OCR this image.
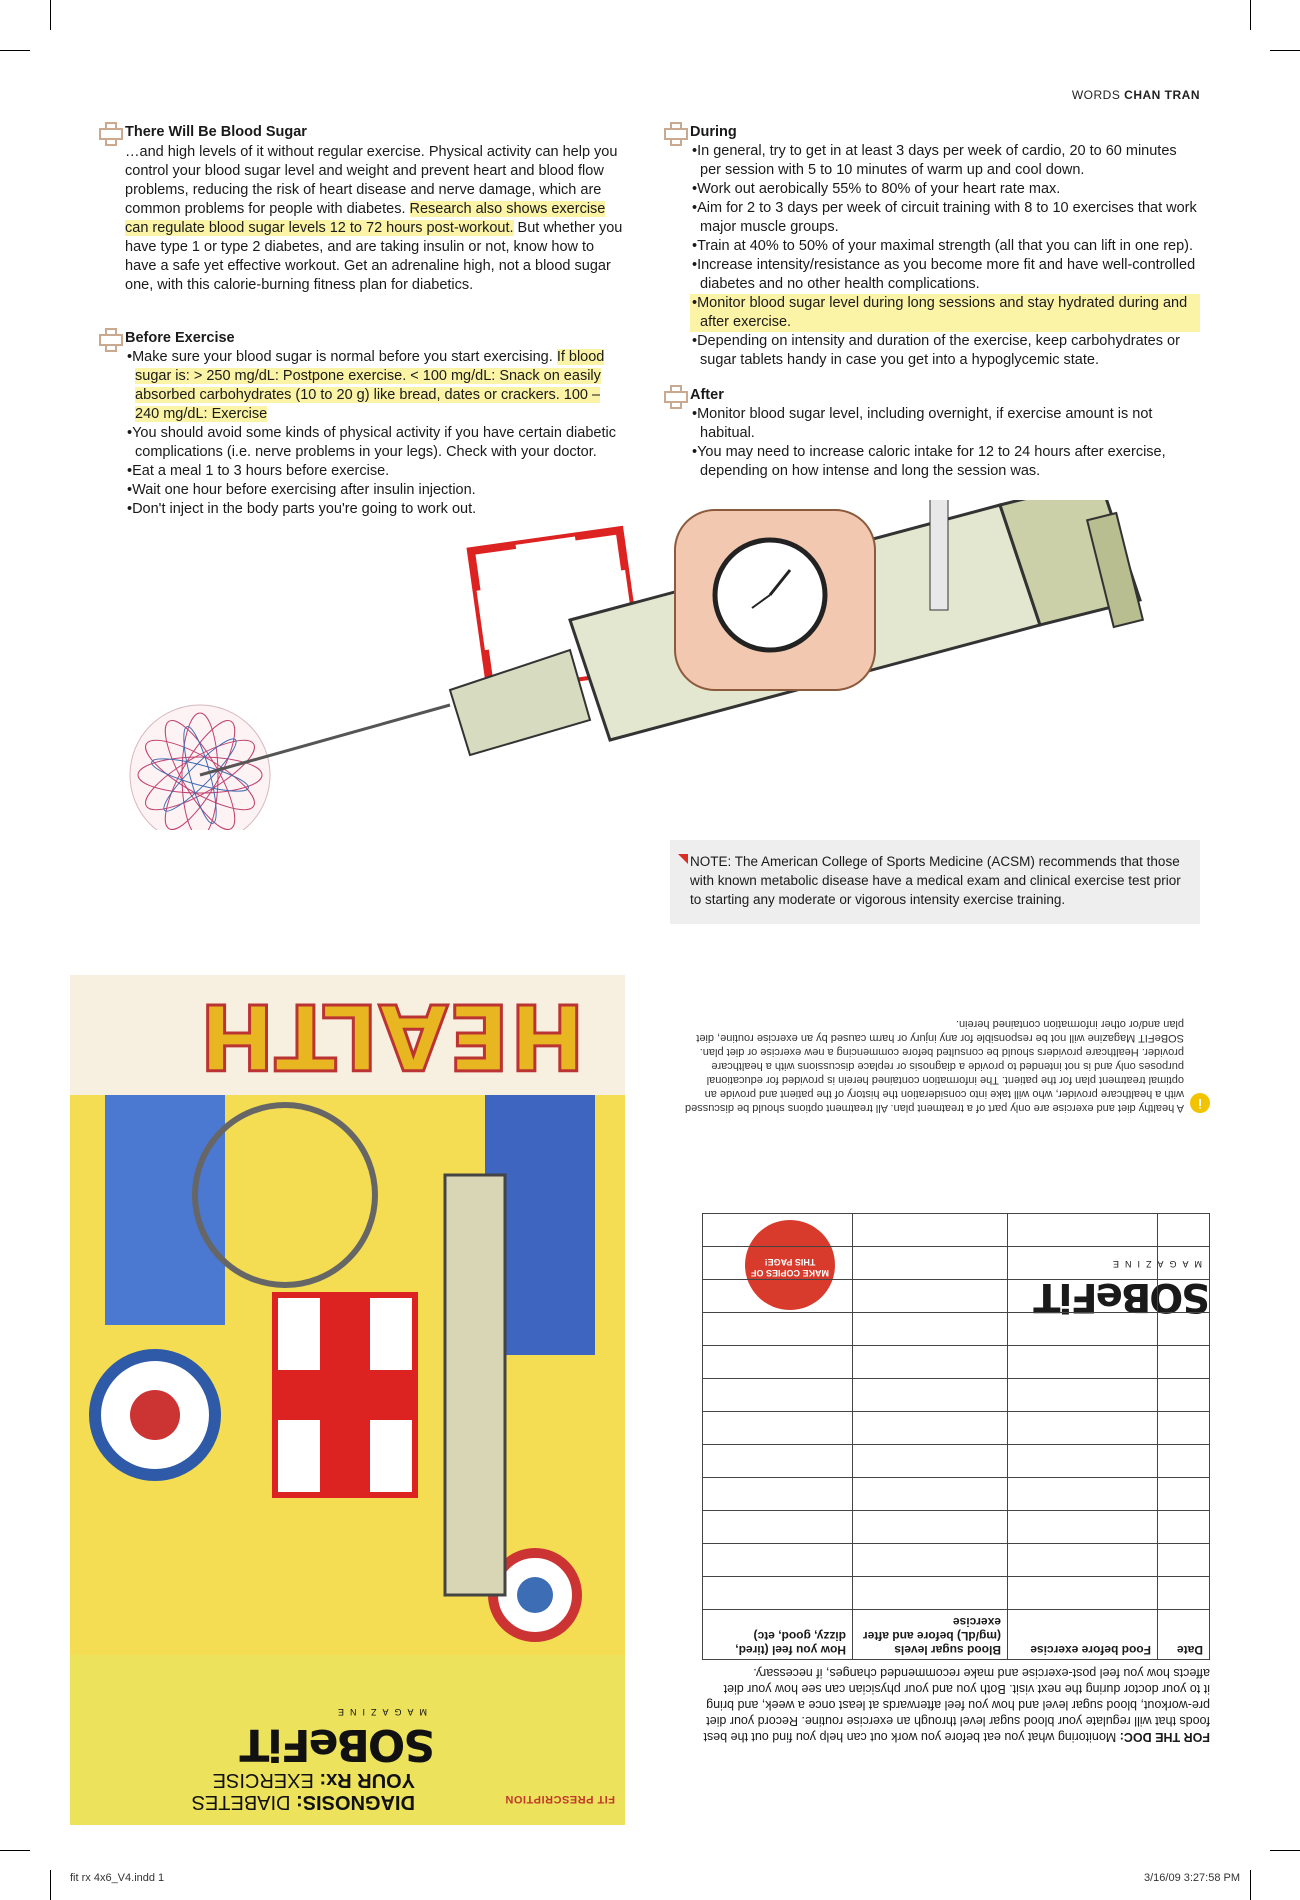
WORDS CHAN TRAN
There Will Be Blood Sugar
…and high levels of it without regular exercise. Physical activity can help you control your blood sugar level and weight and prevent heart and blood flow problems, reducing the risk of heart disease and nerve damage, which are common problems for people with diabetes. Research also shows exercise can regulate blood sugar levels 12 to 72 hours post-workout. But whether you have type 1 or type 2 diabetes, and are taking insulin or not, know how to have a safe yet effective workout. Get an adrenaline high, not a blood sugar one, with this calorie-burning fitness plan for diabetics.
Before Exercise
• Make sure your blood sugar is normal before you start exercising. If blood sugar is: > 250 mg/dL: Postpone exercise. < 100 mg/dL: Snack on easily absorbed carbohydrates (10 to 20 g) like bread, dates or crackers. 100 – 240 mg/dL: Exercise
• You should avoid some kinds of physical activity if you have certain diabetic complications (i.e. nerve problems in your legs). Check with your doctor.
• Eat a meal 1 to 3 hours before exercise.
• Wait one hour before exercising after insulin injection.
• Don't inject in the body parts you're going to work out.
During
• In general, try to get in at least 3 days per week of cardio, 20 to 60 minutes per session with 5 to 10 minutes of warm up and cool down.
• Work out aerobically 55% to 80% of your heart rate max.
• Aim for 2 to 3 days per week of circuit training with 8 to 10 exercises that work major muscle groups.
• Train at 40% to 50% of your maximal strength (all that you can lift in one rep).
• Increase intensity/resistance as you become more fit and have well-controlled diabetes and no other health complications.
• Monitor blood sugar level during long sessions and stay hydrated during and after exercise.
• Depending on intensity and duration of the exercise, keep carbohydrates or sugar tablets handy in case you get into a hypoglycemic state.
After
• Monitor blood sugar level, including overnight, if exercise amount is not habitual.
• You may need to increase caloric intake for 12 to 24 hours after exercise, depending on how intense and long the session was.
NOTE: The American College of Sports Medicine (ACSM) recommends that those with known metabolic disease have a medical exam and clinical exercise test prior to starting any moderate or vigorous intensity exercise training.
FIT PRESCRIPTION
DIAGNOSIS: DIABETES
YOUR Rx: EXERCISE
SOBeFiT
MAGAZINE
HEALTH
SOBeFiT
MAGAZINE
MAKE COPIES OF THIS PAGE!
FOR THE DOC: Monitoring what you eat before you work out can help you find out the best foods that will regulate your blood sugar level through an exercise routine. Record your diet pre-workout, blood sugar level and how you feel afterwards at least once a week, and bring it to your doctor during the next visit. Both you and your physician can see how your diet affects how you feel post-exercise and make recommended changes, if necessary.
Date	Food before exercise	Blood sugar levels (mg/dL) before and after exercise	How you feel (tired, dizzy, good, etc)

i
A healthy diet and exercise are only part of a treatment plan. All treatment options should be discussed with a healthcare provider, who will take into consideration the history of the patient and provide an optimal treatment plan for the patient. The information contained herein is provided for educational purposes only and is not intended to provide a diagnosis or replace discussions with a healthcare provider. Healthcare providers should be consulted before commencing a new exercise or diet plan. SOBeFIT Magazine will not be responsible for any injury or harm caused by an exercise routine, diet plan and/or other information contained herein.
fit rx 4x6_V4.indd 1	3/16/09 3:27:58 PM
